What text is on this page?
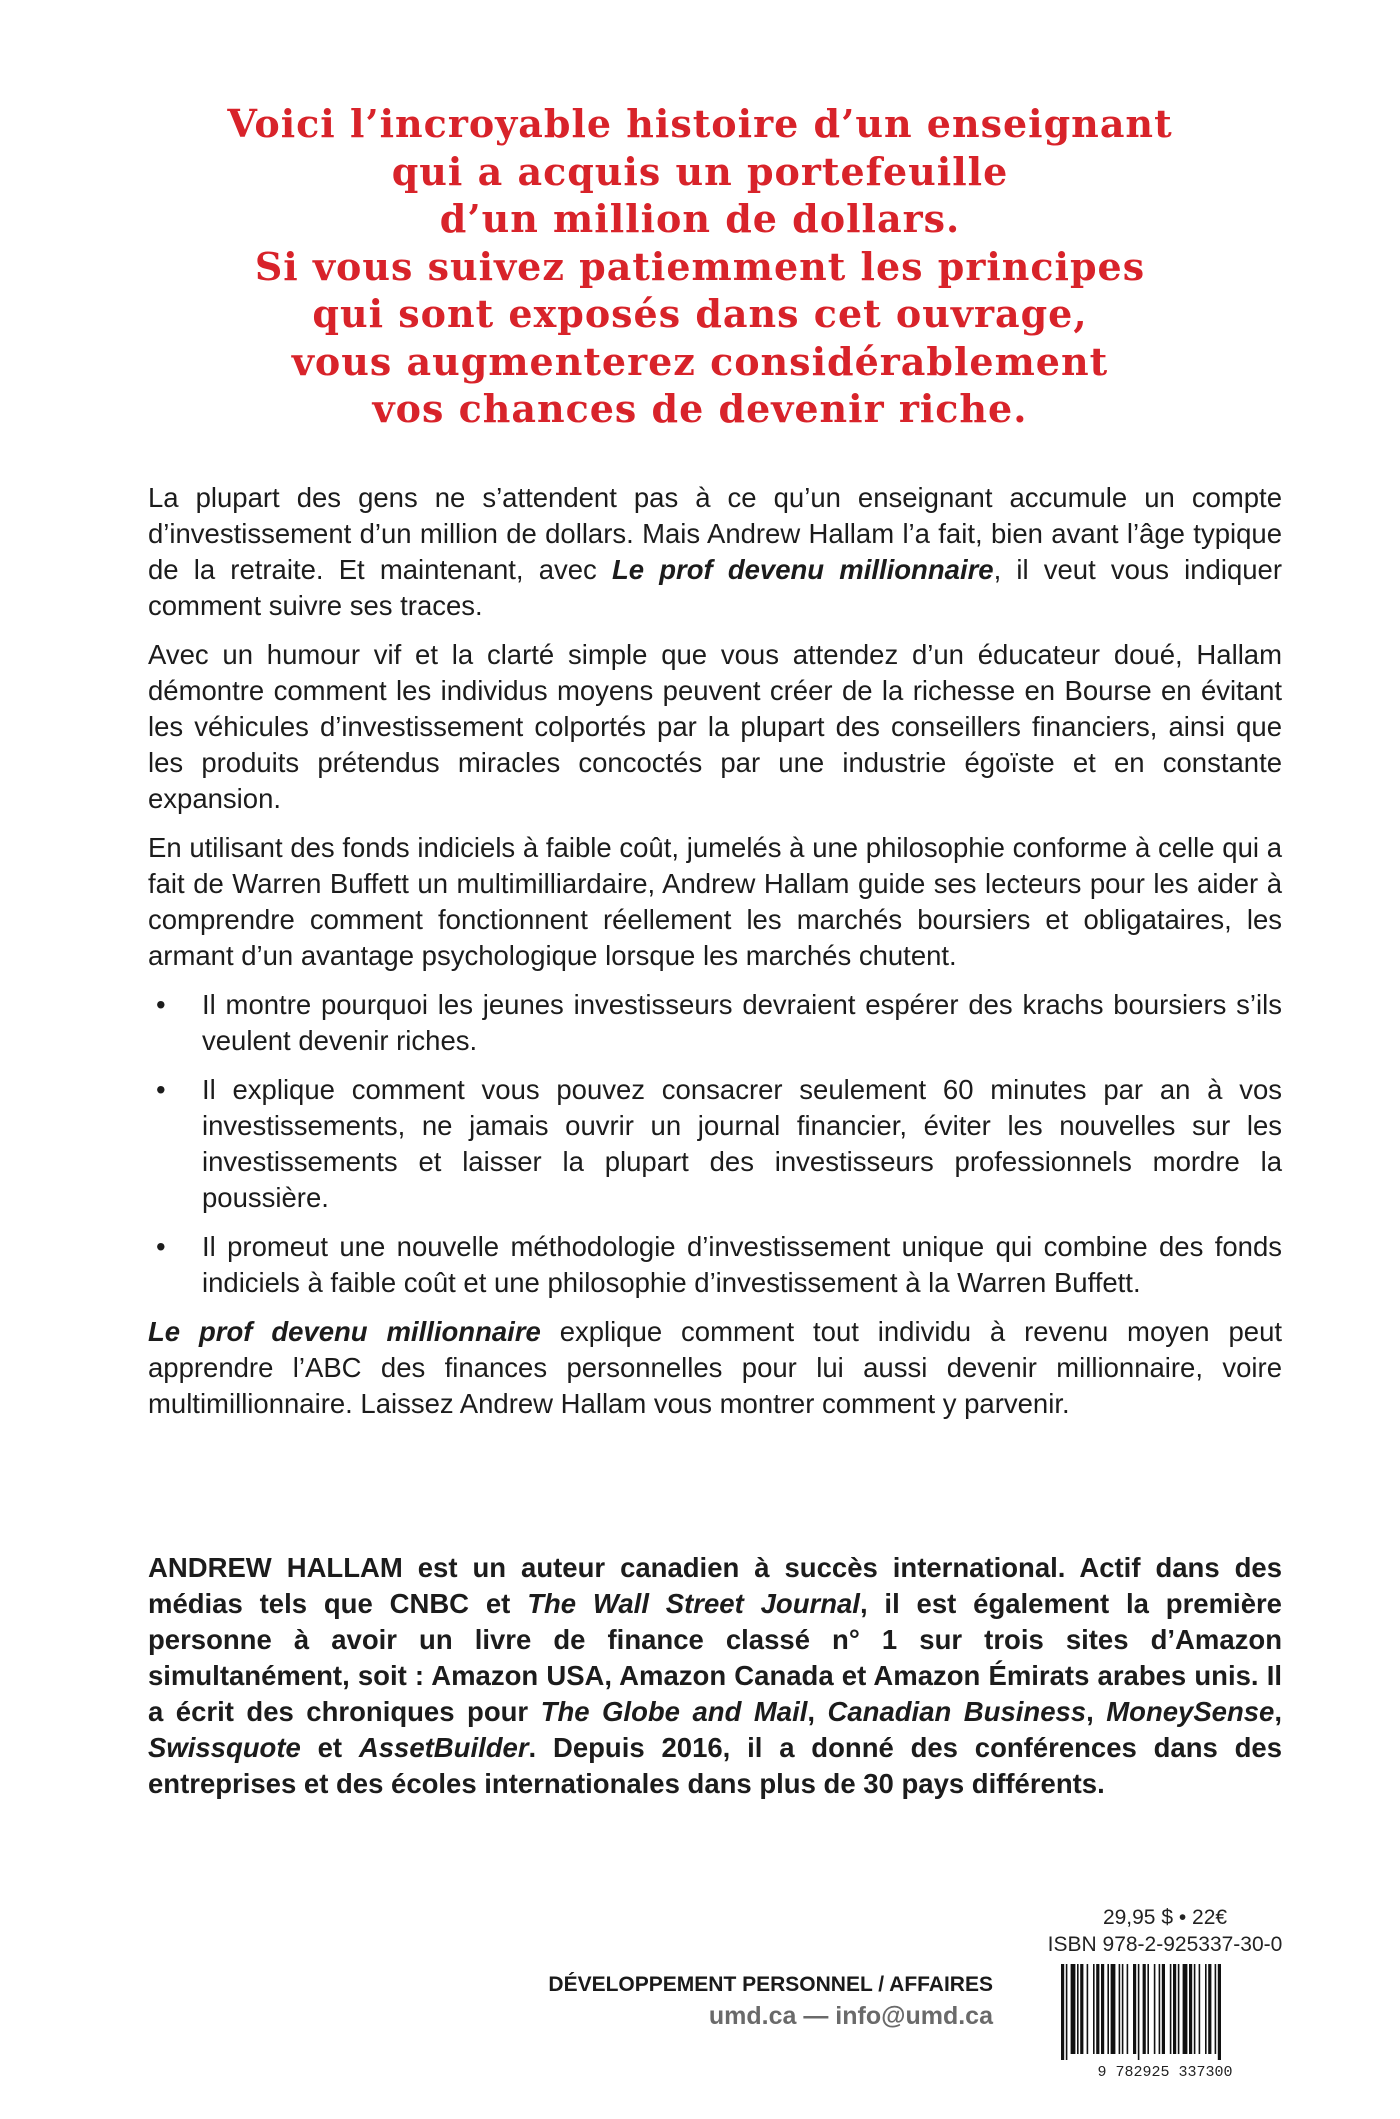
Voici l’incroyable histoire d’un enseignant
qui a acquis un portefeuille
d’un million de dollars.
Si vous suivez patiemment les principes
qui sont exposés dans cet ouvrage,
vous augmenterez considérablement
vos chances de devenir riche.

La plupart des gens ne s’attendent pas à ce qu’un enseignant accumule un compte d’investissement d’un million de dollars. Mais Andrew Hallam l’a fait, bien avant l’âge typique de la retraite. Et maintenant, avec Le prof devenu millionnaire, il veut vous indiquer comment suivre ses traces.

Avec un humour vif et la clarté simple que vous attendez d’un éducateur doué, Hallam démontre comment les individus moyens peuvent créer de la richesse en Bourse en évitant les véhicules d’investissement colportés par la plupart des conseillers financiers, ainsi que les produits prétendus miracles concoctés par une industrie égoïste et en constante expansion.

En utilisant des fonds indiciels à faible coût, jumelés à une philosophie conforme à celle qui a fait de Warren Buffett un multimilliardaire, Andrew Hallam guide ses lecteurs pour les aider à comprendre comment fonctionnent réellement les marchés boursiers et obligataires, les armant d’un avantage psychologique lorsque les marchés chutent.

•	Il montre pourquoi les jeunes investisseurs devraient espérer des krachs boursiers s’ils veulent devenir riches.
•	Il explique comment vous pouvez consacrer seulement 60 minutes par an à vos investissements, ne jamais ouvrir un journal financier, éviter les nouvelles sur les investissements et laisser la plupart des investisseurs professionnels mordre la poussière.
•	Il promeut une nouvelle méthodologie d’investissement unique qui combine des fonds indiciels à faible coût et une philosophie d’investissement à la Warren Buffett.

Le prof devenu millionnaire explique comment tout individu à revenu moyen peut apprendre l’ABC des finances personnelles pour lui aussi devenir millionnaire, voire multimillionnaire. Laissez Andrew Hallam vous montrer comment y parvenir.

ANDREW HALLAM est un auteur canadien à succès international. Actif dans des médias tels que CNBC et The Wall Street Journal, il est également la première personne à avoir un livre de finance classé n° 1 sur trois sites d’Amazon simultanément, soit : Amazon USA, Amazon Canada et Amazon Émirats arabes unis. Il a écrit des chroniques pour The Globe and Mail, Canadian Business, MoneySense, Swissquote et AssetBuilder. Depuis 2016, il a donné des conférences dans des entreprises et des écoles internationales dans plus de 30 pays différents.
DÉVELOPPEMENT PERSONNEL / AFFAIRES
umd.ca — info@umd.ca
29,95 $ • 22€
ISBN 978-2-925337-30-0
9 782925 337300
